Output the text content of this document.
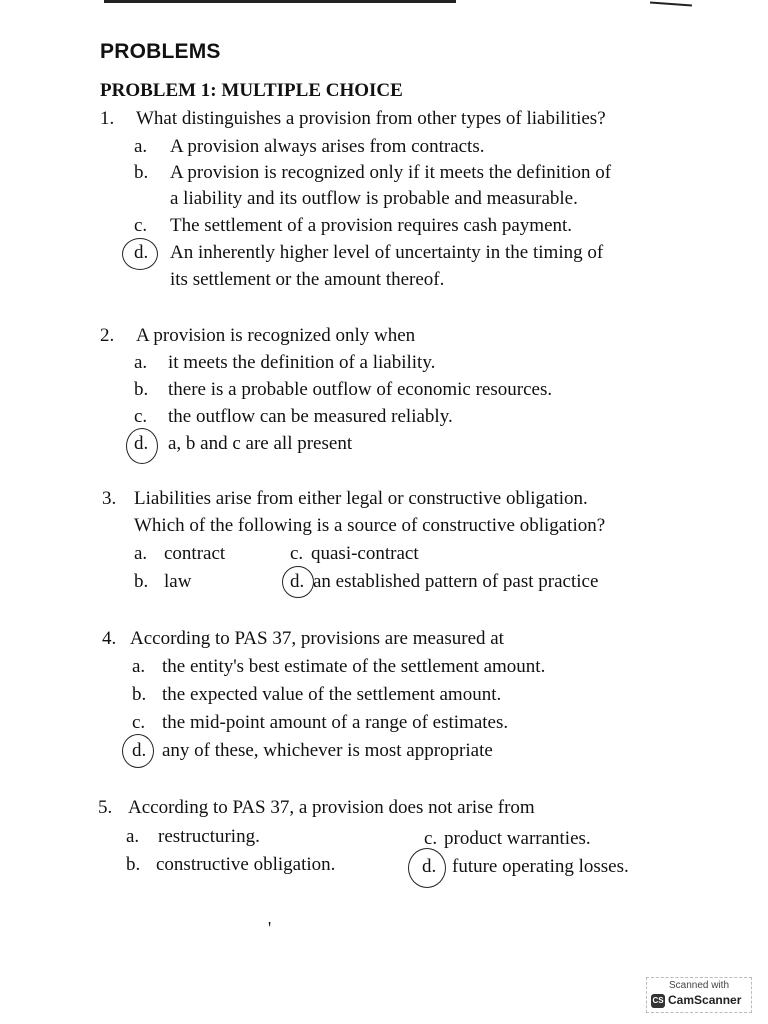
PROBLEMS
PROBLEM 1: MULTIPLE CHOICE
1. What distinguishes a provision from other types of liabilities?
a. A provision always arises from contracts.
b. A provision is recognized only if it meets the definition of
a liability and its outflow is probable and measurable.
c. The settlement of a provision requires cash payment.
d. An inherently higher level of uncertainty in the timing of
its settlement or the amount thereof.
2. A provision is recognized only when
a. it meets the definition of a liability.
b. there is a probable outflow of economic resources.
c. the outflow can be measured reliably.
d. a, b and c are all present
3. Liabilities arise from either legal or constructive obligation.
Which of the following is a source of constructive obligation?
a. contract	c. quasi-contract
b. law	d. an established pattern of past practice
4. According to PAS 37, provisions are measured at
a. the entity's best estimate of the settlement amount.
b. the expected value of the settlement amount.
c. the mid-point amount of a range of estimates.
d. any of these, whichever is most appropriate
5. According to PAS 37, a provision does not arise from
a. restructuring.	c. product warranties.
b. constructive obligation.	d. future operating losses.
'
Scanned with
CS CamScanner
